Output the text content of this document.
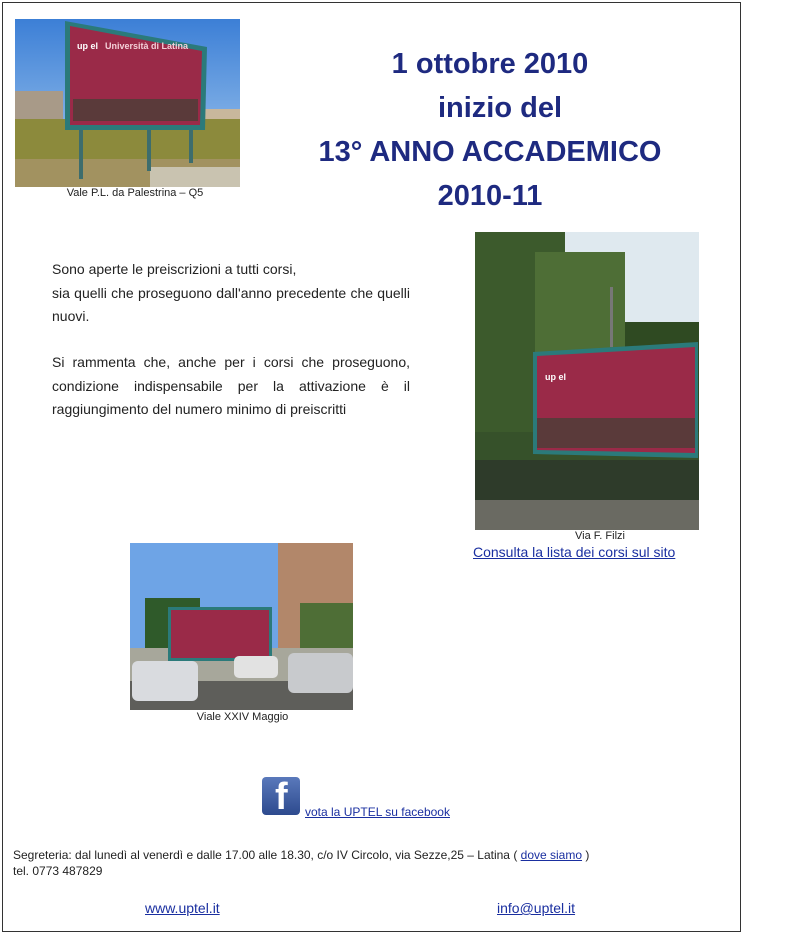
up el Università di Latina
Vale P.L. da Palestrina – Q5
1 ottobre 2010
inizio del
13° ANNO ACCADEMICO
2010-11
Sono aperte le preiscrizioni a tutti corsi,
sia quelli che proseguono dall'anno precedente che quelli nuovi.
Si rammenta che, anche per i corsi che proseguono, condizione indispensabile per la attivazione è il raggiungimento del numero minimo di preiscritti
up el
Via F. Filzi
Consulta la lista dei corsi sul sito
Viale XXIV Maggio
f vota la UPTEL su facebook
Segreteria: dal lunedì al venerdì e dalle 17.00 alle 18.30, c/o IV Circolo, via Sezze,25 – Latina ( dove siamo )
tel. 0773 487829
www.uptel.it	info@uptel.it
